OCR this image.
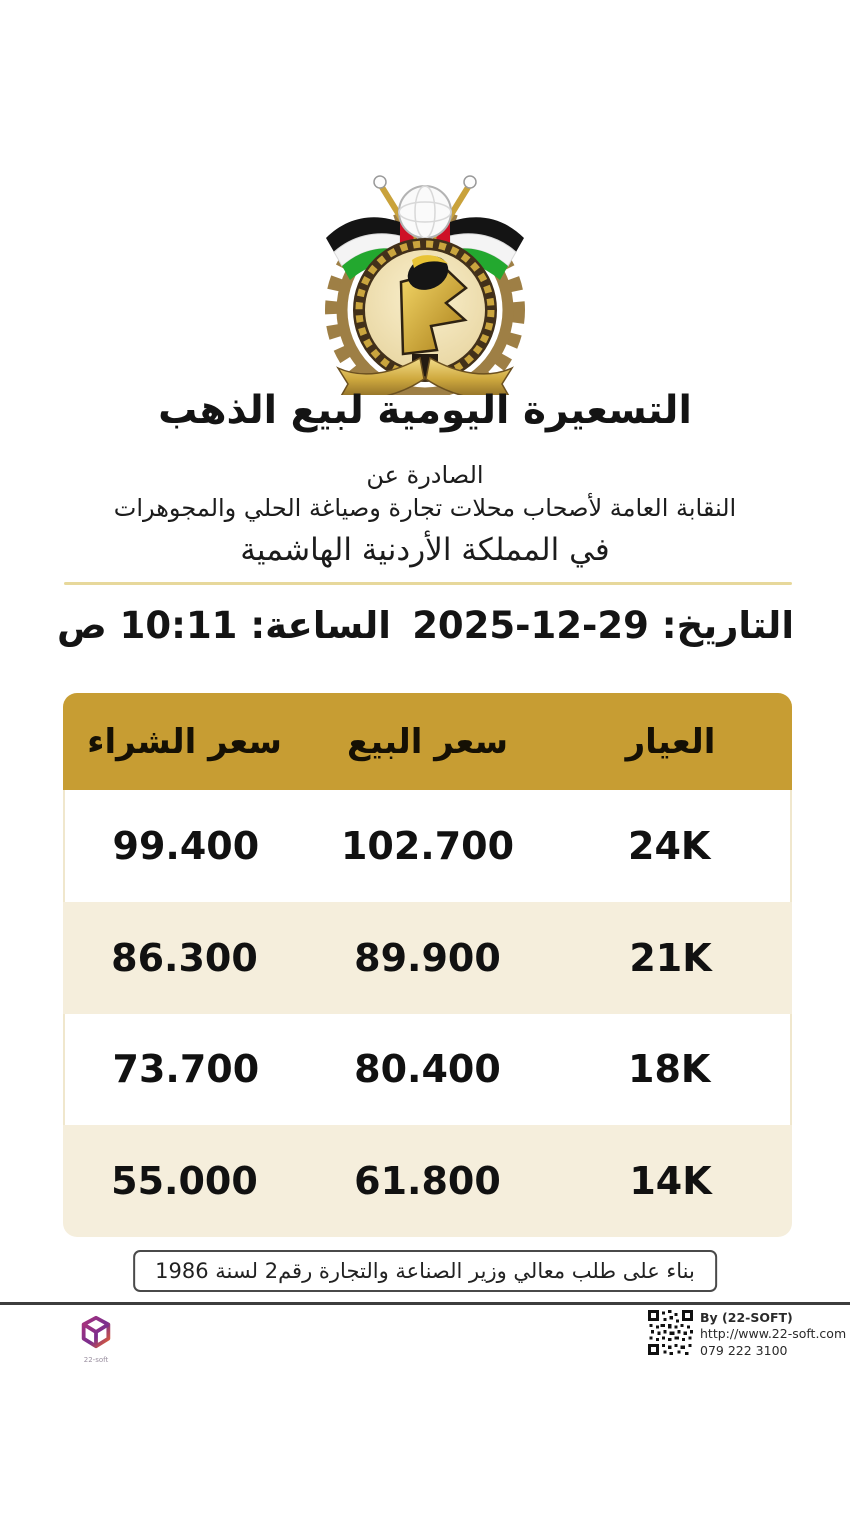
التسعيرة اليومية لبيع الذهب
الصادرة عن
النقابة العامة لأصحاب محلات تجارة وصياغة الحلي والمجوهرات
في المملكة الأردنية الهاشمية
التاريخ: 29-12-2025
الساعة: 10:11 ص
العيار
سعر البيع
سعر الشراء
24K
102.700
99.400
21K
89.900
86.300
18K
80.400
73.700
14K
61.800
55.000
بناء على طلب معالي وزير الصناعة والتجارة رقم2 لسنة 1986
22-soft
By (22-SOFT)
http://www.22-soft.com
079 222 3100
